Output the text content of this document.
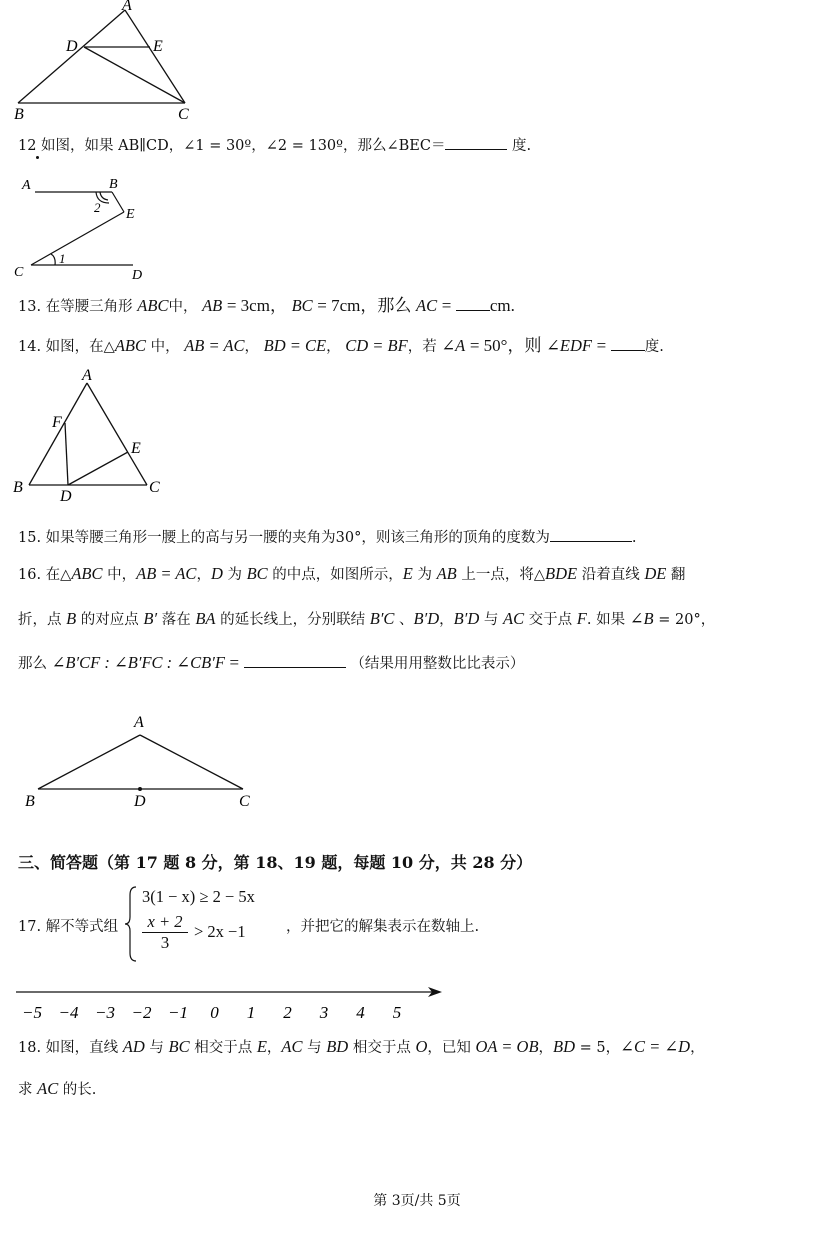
A
D	E
B	C
12 如图，如果 AB∥CD，∠1 = 30º，∠2 = 130º，那么∠BEC＝	度.
A	B
2 E
1
C	D
13. 在等腰三角形 ABC中， AB = 3cm， BC = 7cm，那么 AC = cm.
14. 如图，在△ABC 中， AB = AC， BD = CE， CD = BF，若 ∠A = 50°，则 ∠EDF =	度.
A
F
E
B
D
C
15. 如果等腰三角形一腰上的高与另一腰的夹角为30°，则该三角形的顶角的度数为	.
16. 在△ABC 中，AB = AC，D 为 BC 的中点，如图所示，E 为 AB 上一点，将△BDE 沿着直线 DE 翻
折，点 B 的对应点 B′ 落在 BA 的延长线上，分别联结 B′C 、B′D，B′D 与 AC 交于点 F. 如果 ∠B = 20°，
那么 ∠B′CF : ∠B′FC : ∠CB′F =	（结果用用整数比比表示）
A
B	D	C
三、简答题（第 17 题 8 分，第 18、19 题，每题 10 分，共 28 分）
17. 解不等式组
3(1 − x) ≥ 2 − 5x
x + 2
3
> 2x −1	，并把它的解集表示在数轴上.
−5 −4 −3 −2 −1 0 1 2 3 4 5
18. 如图，直线 AD 与 BC 相交于点 E，AC 与 BD 相交于点 O，已知 OA = OB，BD = 5，∠C = ∠D，
求 AC 的长.
第 3页/共 5页
